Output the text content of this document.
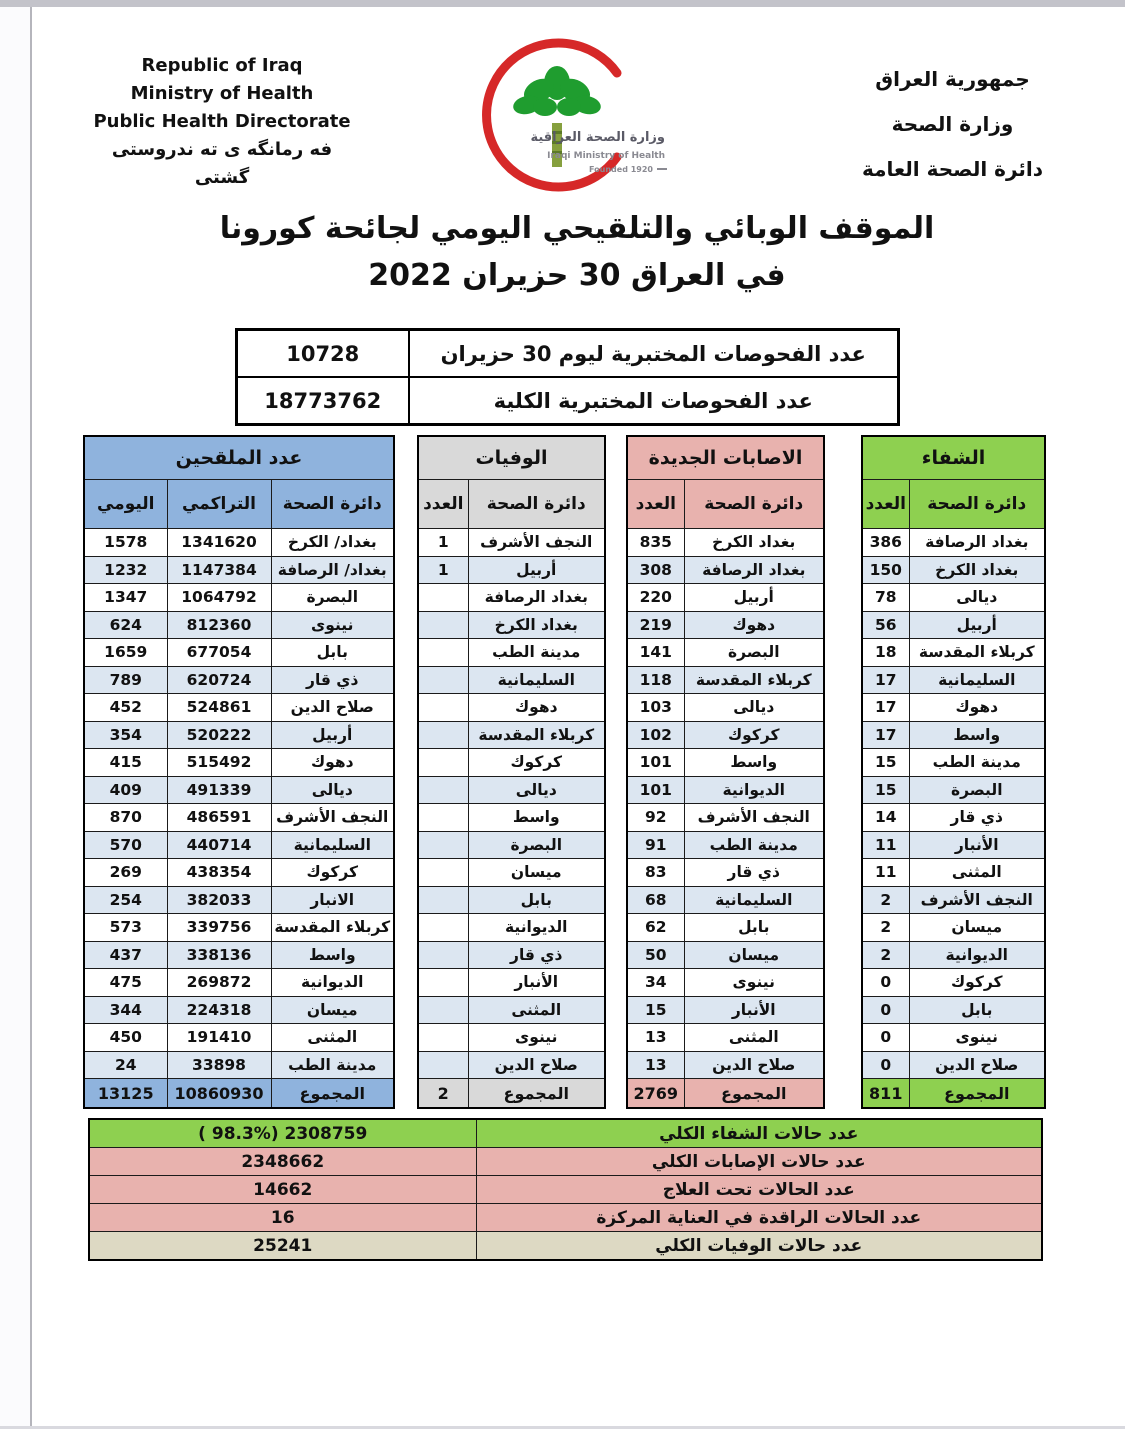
Republic of Iraq
Ministry of Health
Public Health Directorate
فه رمانگه ی ته ندروستی گشتی
وزارة الصحة العراقية
Iraqi Ministry of Health
Founded 1920
جمهورية العراق
وزارة الصحة
دائرة الصحة العامة
الموقف الوبائي والتلقيحي اليومي لجائحة كورونا
في العراق 30 حزيران 2022
عدد الفحوصات المختبرية ليوم 30 حزيران	10728
عدد الفحوصات المختبرية الكلية	18773762
الشفاء	
دائرة الصحة	العدد
بغداد الرصافة	386
بغداد الكرخ	150
ديالى	78
أربيل	56
كربلاء المقدسة	18
السليمانية	17
دهوك	17
واسط	17
مدينة الطب	15
البصرة	15
ذي قار	14
الأنبار	11
المثنى	11
النجف الأشرف	2
ميسان	2
الديوانية	2
كركوك	0
بابل	0
نينوى	0
صلاح الدين	0
المجموع	811
الاصابات الجديدة	
دائرة الصحة	العدد
بغداد الكرخ	835
بغداد الرصافة	308
أربيل	220
دهوك	219
البصرة	141
كربلاء المقدسة	118
ديالى	103
كركوك	102
واسط	101
الديوانية	101
النجف الأشرف	92
مدينة الطب	91
ذي قار	83
السليمانية	68
بابل	62
ميسان	50
نينوى	34
الأنبار	15
المثنى	13
صلاح الدين	13
المجموع	2769
الوفيات	
دائرة الصحة	العدد
النجف الأشرف	1
أربيل	1
بغداد الرصافة	
بغداد الكرخ	
مدينة الطب	
السليمانية	
دهوك	
كربلاء المقدسة	
كركوك	
ديالى	
واسط	
البصرة	
ميسان	
بابل	
الديوانية	
ذي قار	
الأنبار	
المثنى	
نينوى	
صلاح الدين	
المجموع	2
عدد الملقحين		
دائرة الصحة	التراكمي	اليومي
بغداد/ الكرخ	1341620	1578
بغداد/ الرصافة	1147384	1232
البصرة	1064792	1347
نينوى	812360	624
بابل	677054	1659
ذي قار	620724	789
صلاح الدين	524861	452
أربيل	520222	354
دهوك	515492	415
ديالى	491339	409
النجف الأشرف	486591	870
السليمانية	440714	570
كركوك	438354	269
الانبار	382033	254
كربلاء المقدسة	339756	573
واسط	338136	437
الديوانية	269872	475
ميسان	224318	344
المثنى	191410	450
مدينة الطب	33898	24
المجموع	10860930	13125
عدد حالات الشفاء الكلي	( 98.3%) 2308759
عدد حالات الإصابات الكلي	2348662
عدد الحالات تحت العلاج	14662
عدد الحالات الراقدة في العناية المركزة	16
عدد حالات الوفيات الكلي	25241
